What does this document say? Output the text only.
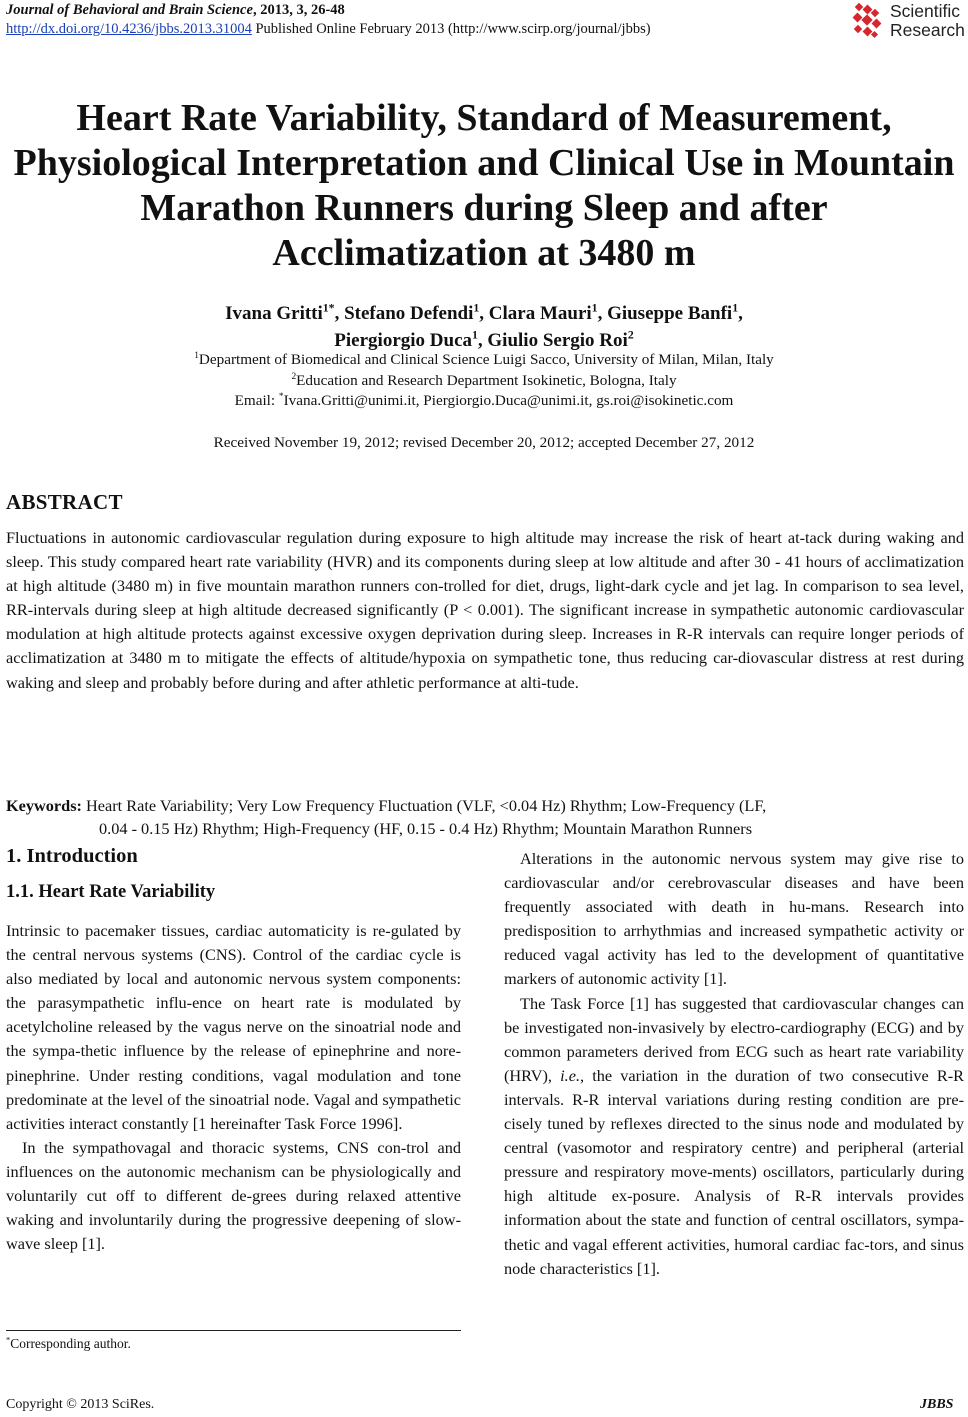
Journal of Behavioral and Brain Science, 2013, 3, 26-48
http://dx.doi.org/10.4236/jbbs.2013.31004 Published Online February 2013 (http://www.scirp.org/journal/jbbs)
Scientific
Research
Heart Rate Variability, Standard of Measurement,
Physiological Interpretation and Clinical Use in Mountain
Marathon Runners during Sleep and after
Acclimatization at 3480 m
Ivana Gritti$^{1*}$, Stefano Defendi$^1$, Clara Mauri$^1$, Giuseppe Banfi$^1$,
Piergiorgio Duca$^1$, Giulio Sergio Roi$^2$
$^1$Department of Biomedical and Clinical Science Luigi Sacco, University of Milan, Milan, Italy
$^2$Education and Research Department Isokinetic, Bologna, Italy
Email: *Ivana.Gritti@unimi.it, Piergiorgio.Duca@unimi.it, gs.roi@isokinetic.com
Received November 19, 2012; revised December 20, 2012; accepted December 27, 2012
ABSTRACT
Fluctuations in autonomic cardiovascular regulation during exposure to high altitude may increase the risk of heart at-tack during waking and sleep. This study compared heart rate variability (HVR) and its components during sleep at low altitude and after 30 - 41 hours of acclimatization at high altitude (3480 m) in five mountain marathon runners con-trolled for diet, drugs, light-dark cycle and jet lag. In comparison to sea level, RR-intervals during sleep at high altitude decreased significantly (P < 0.001). The significant increase in sympathetic autonomic cardiovascular modulation at high altitude protects against excessive oxygen deprivation during sleep. Increases in R-R intervals can require longer periods of acclimatization at 3480 m to mitigate the effects of altitude/hypoxia on sympathetic tone, thus reducing car-diovascular distress at rest during waking and sleep and probably before during and after athletic performance at alti-tude.
Keywords: Heart Rate Variability; Very Low Frequency Fluctuation (VLF, <0.04 Hz) Rhythm; Low-Frequency (LF,
0.04 - 0.15 Hz) Rhythm; High-Frequency (HF, 0.15 - 0.4 Hz) Rhythm; Mountain Marathon Runners
1. Introduction
1.1. Heart Rate Variability

Intrinsic to pacemaker tissues, cardiac automaticity is re-gulated by the central nervous systems (CNS). Control of the cardiac cycle is also mediated by local and autonomic nervous system components: the parasympathetic influ-ence on heart rate is modulated by acetylcholine released by the vagus nerve on the sinoatrial node and the sympa-thetic influence by the release of epinephrine and nore-pinephrine. Under resting conditions, vagal modulation and tone predominate at the level of the sinoatrial node. Vagal and sympathetic activities interact constantly [1 hereinafter Task Force 1996].

In the sympathovagal and thoracic systems, CNS con-trol and influences on the autonomic mechanism can be physiologically and voluntarily cut off to different de-grees during relaxed attentive waking and involuntarily during the progressive deepening of slow-wave sleep [1].

Alterations in the autonomic nervous system may give rise to cardiovascular and/or cerebrovascular diseases and have been frequently associated with death in hu-mans. Research into predisposition to arrhythmias and increased sympathetic activity or reduced vagal activity has led to the development of quantitative markers of autonomic activity [1].

The Task Force [1] has suggested that cardiovascular changes can be investigated non-invasively by electro-cardiography (ECG) and by common parameters derived from ECG such as heart rate variability (HRV), i.e., the variation in the duration of two consecutive R-R intervals. R-R interval variations during resting condition are pre-cisely tuned by reflexes directed to the sinus node and modulated by central (vasomotor and respiratory centre) and peripheral (arterial pressure and respiratory move-ments) oscillators, particularly during high altitude ex-posure. Analysis of R-R intervals provides information about the state and function of central oscillators, sympa-thetic and vagal efferent activities, humoral cardiac fac-tors, and sinus node characteristics [1].

*Corresponding author.
Copyright © 2013 SciRes.	JBBS
